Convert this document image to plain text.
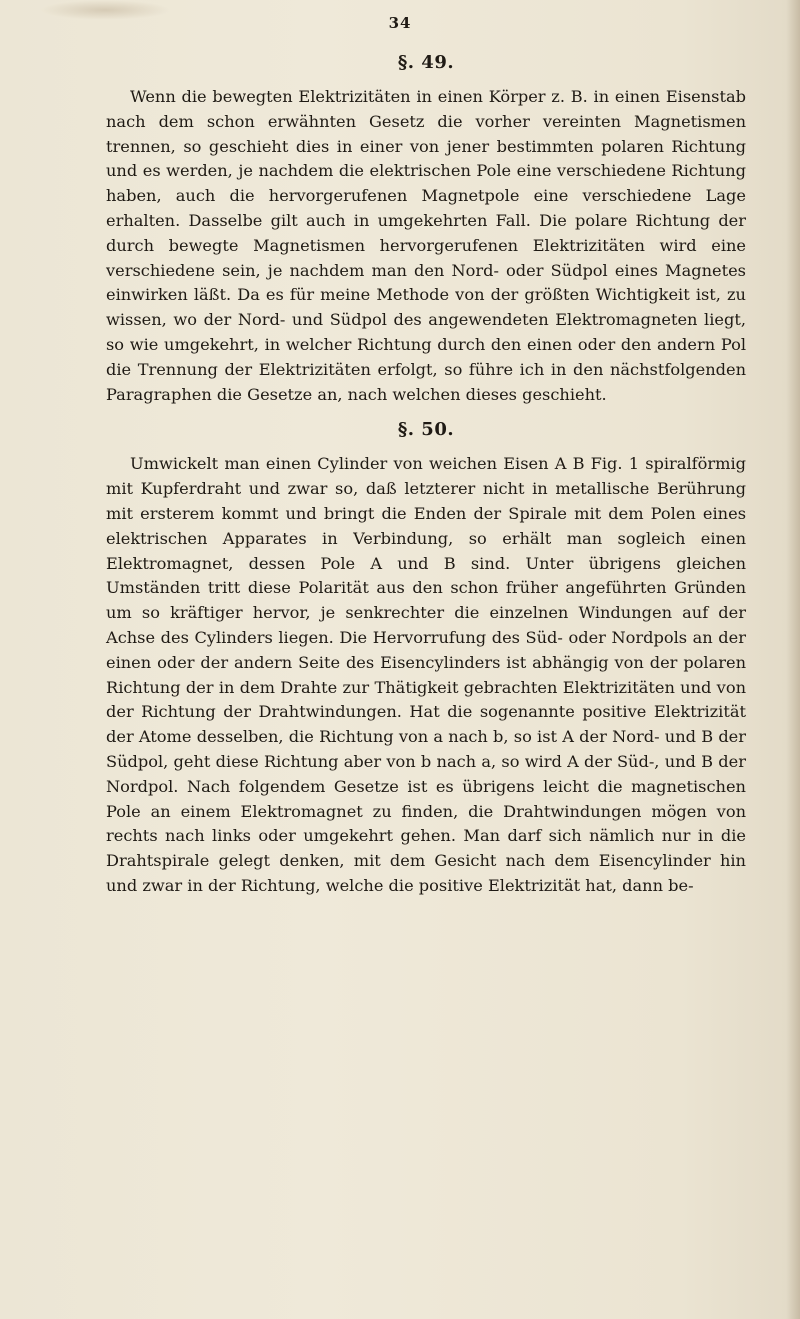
34
§. 49.

Wenn die bewegten Elektrizitäten in einen Körper z. B. in einen Eisenstab nach dem schon erwähnten Gesetz die vorher vereinten Magnetismen trennen, so geschieht dies in einer von jener bestimmten polaren Richtung und es werden, je nachdem die elektrischen Pole eine verschiedene Richtung haben, auch die hervorgerufenen Magnetpole eine verschiedene Lage erhalten. Dasselbe gilt auch in umgekehrten Fall. Die polare Richtung der durch bewegte Magnetismen hervorgerufenen Elektrizitäten wird eine verschiedene sein, je nachdem man den Nord- oder Südpol eines Magnetes einwirken läßt. Da es für meine Methode von der größten Wichtigkeit ist, zu wissen, wo der Nord- und Südpol des angewendeten Elektromagneten liegt, so wie umgekehrt, in welcher Richtung durch den einen oder den andern Pol die Trennung der Elektrizitäten erfolgt, so führe ich in den nächstfolgenden Paragraphen die Gesetze an, nach welchen dieses geschieht.

§. 50.

Umwickelt man einen Cylinder von weichen Eisen A B Fig. 1 spiralförmig mit Kupferdraht und zwar so, daß letzterer nicht in metallische Berührung mit ersterem kommt und bringt die Enden der Spirale mit dem Polen eines elektrischen Apparates in Verbindung, so erhält man sogleich einen Elektromagnet, dessen Pole A und B sind. Unter übrigens gleichen Umständen tritt diese Polarität aus den schon früher angeführten Gründen um so kräftiger hervor, je senkrechter die einzelnen Windungen auf der Achse des Cylinders liegen. Die Hervorrufung des Süd- oder Nordpols an der einen oder der andern Seite des Eisencylinders ist abhängig von der polaren Richtung der in dem Drahte zur Thätigkeit gebrachten Elektrizitäten und von der Richtung der Drahtwindungen. Hat die sogenannte positive Elektrizität der Atome desselben, die Richtung von a nach b, so ist A der Nord- und B der Südpol, geht diese Richtung aber von b nach a, so wird A der Süd-, und B der Nordpol. Nach folgendem Gesetze ist es übrigens leicht die magnetischen Pole an einem Elektromagnet zu finden, die Drahtwindungen mögen von rechts nach links oder umgekehrt gehen. Man darf sich nämlich nur in die Drahtspirale gelegt denken, mit dem Gesicht nach dem Eisencylinder hin und zwar in der Richtung, welche die positive Elektrizität hat, dann be-
